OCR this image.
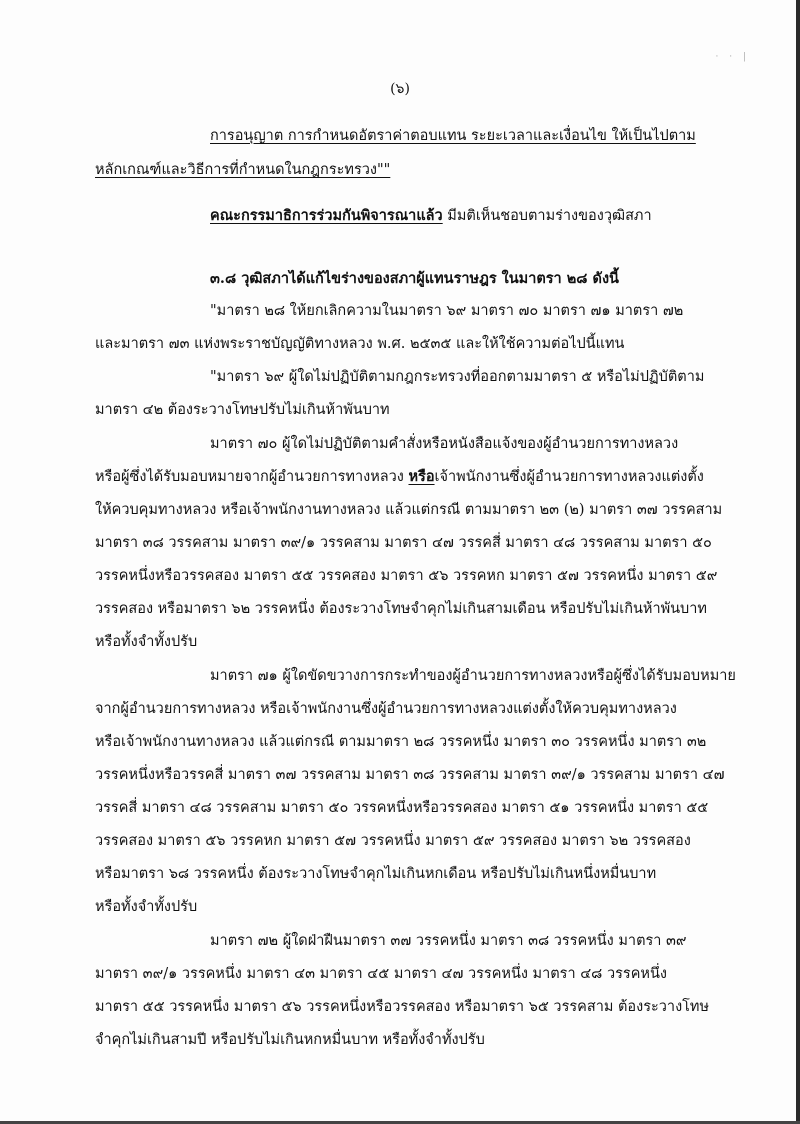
· · |
(๖)
การอนุญาต การกำหนดอัตราค่าตอบแทน ระยะเวลาและเงื่อนไข ให้เป็นไปตาม
หลักเกณฑ์และวิธีการที่กำหนดในกฎกระทรวง""
คณะกรรมาธิการร่วมกันพิจารณาแล้ว มีมติเห็นชอบตามร่างของวุฒิสภา
๓.๘ วุฒิสภาได้แก้ไขร่างของสภาผู้แทนราษฎร ในมาตรา ๒๘ ดังนี้
"มาตรา ๒๘ ให้ยกเลิกความในมาตรา ๖๙ มาตรา ๗๐ มาตรา ๗๑ มาตรา ๗๒
และมาตรา ๗๓ แห่งพระราชบัญญัติทางหลวง พ.ศ. ๒๕๓๕ และให้ใช้ความต่อไปนี้แทน
"มาตรา ๖๙ ผู้ใดไม่ปฏิบัติตามกฎกระทรวงที่ออกตามมาตรา ๕ หรือไม่ปฏิบัติตาม
มาตรา ๔๒ ต้องระวางโทษปรับไม่เกินห้าพันบาท
มาตรา ๗๐ ผู้ใดไม่ปฏิบัติตามคำสั่งหรือหนังสือแจ้งของผู้อำนวยการทางหลวง
หรือผู้ซึ่งได้รับมอบหมายจากผู้อำนวยการทางหลวง หรือเจ้าพนักงานซึ่งผู้อำนวยการทางหลวงแต่งตั้ง
ให้ควบคุมทางหลวง หรือเจ้าพนักงานทางหลวง แล้วแต่กรณี ตามมาตรา ๒๓ (๒) มาตรา ๓๗ วรรคสาม
มาตรา ๓๘ วรรคสาม มาตรา ๓๙/๑ วรรคสาม มาตรา ๔๗ วรรคสี่ มาตรา ๔๘ วรรคสาม มาตรา ๕๐
วรรคหนึ่งหรือวรรคสอง มาตรา ๕๕ วรรคสอง มาตรา ๕๖ วรรคหก มาตรา ๕๗ วรรคหนึ่ง มาตรา ๕๙
วรรคสอง หรือมาตรา ๖๒ วรรคหนึ่ง ต้องระวางโทษจำคุกไม่เกินสามเดือน หรือปรับไม่เกินห้าพันบาท
หรือทั้งจำทั้งปรับ
มาตรา ๗๑ ผู้ใดขัดขวางการกระทำของผู้อำนวยการทางหลวงหรือผู้ซึ่งได้รับมอบหมาย
จากผู้อำนวยการทางหลวง หรือเจ้าพนักงานซึ่งผู้อำนวยการทางหลวงแต่งตั้งให้ควบคุมทางหลวง
หรือเจ้าพนักงานทางหลวง แล้วแต่กรณี ตามมาตรา ๒๘ วรรคหนึ่ง มาตรา ๓๐ วรรคหนึ่ง มาตรา ๓๒
วรรคหนึ่งหรือวรรคสี่ มาตรา ๓๗ วรรคสาม มาตรา ๓๘ วรรคสาม มาตรา ๓๙/๑ วรรคสาม มาตรา ๔๗
วรรคสี่ มาตรา ๔๘ วรรคสาม มาตรา ๕๐ วรรคหนึ่งหรือวรรคสอง มาตรา ๕๑ วรรคหนึ่ง มาตรา ๕๕
วรรคสอง มาตรา ๕๖ วรรคหก มาตรา ๕๗ วรรคหนึ่ง มาตรา ๕๙ วรรคสอง มาตรา ๖๒ วรรคสอง
หรือมาตรา ๖๘ วรรคหนึ่ง ต้องระวางโทษจำคุกไม่เกินหกเดือน หรือปรับไม่เกินหนึ่งหมื่นบาท
หรือทั้งจำทั้งปรับ
มาตรา ๗๒ ผู้ใดฝ่าฝืนมาตรา ๓๗ วรรคหนึ่ง มาตรา ๓๘ วรรคหนึ่ง มาตรา ๓๙
มาตรา ๓๙/๑ วรรคหนึ่ง มาตรา ๔๓ มาตรา ๔๕ มาตรา ๔๗ วรรคหนึ่ง มาตรา ๔๘ วรรคหนึ่ง
มาตรา ๕๕ วรรคหนึ่ง มาตรา ๕๖ วรรคหนึ่งหรือวรรคสอง หรือมาตรา ๖๕ วรรคสาม ต้องระวางโทษ
จำคุกไม่เกินสามปี หรือปรับไม่เกินหกหมื่นบาท หรือทั้งจำทั้งปรับ
